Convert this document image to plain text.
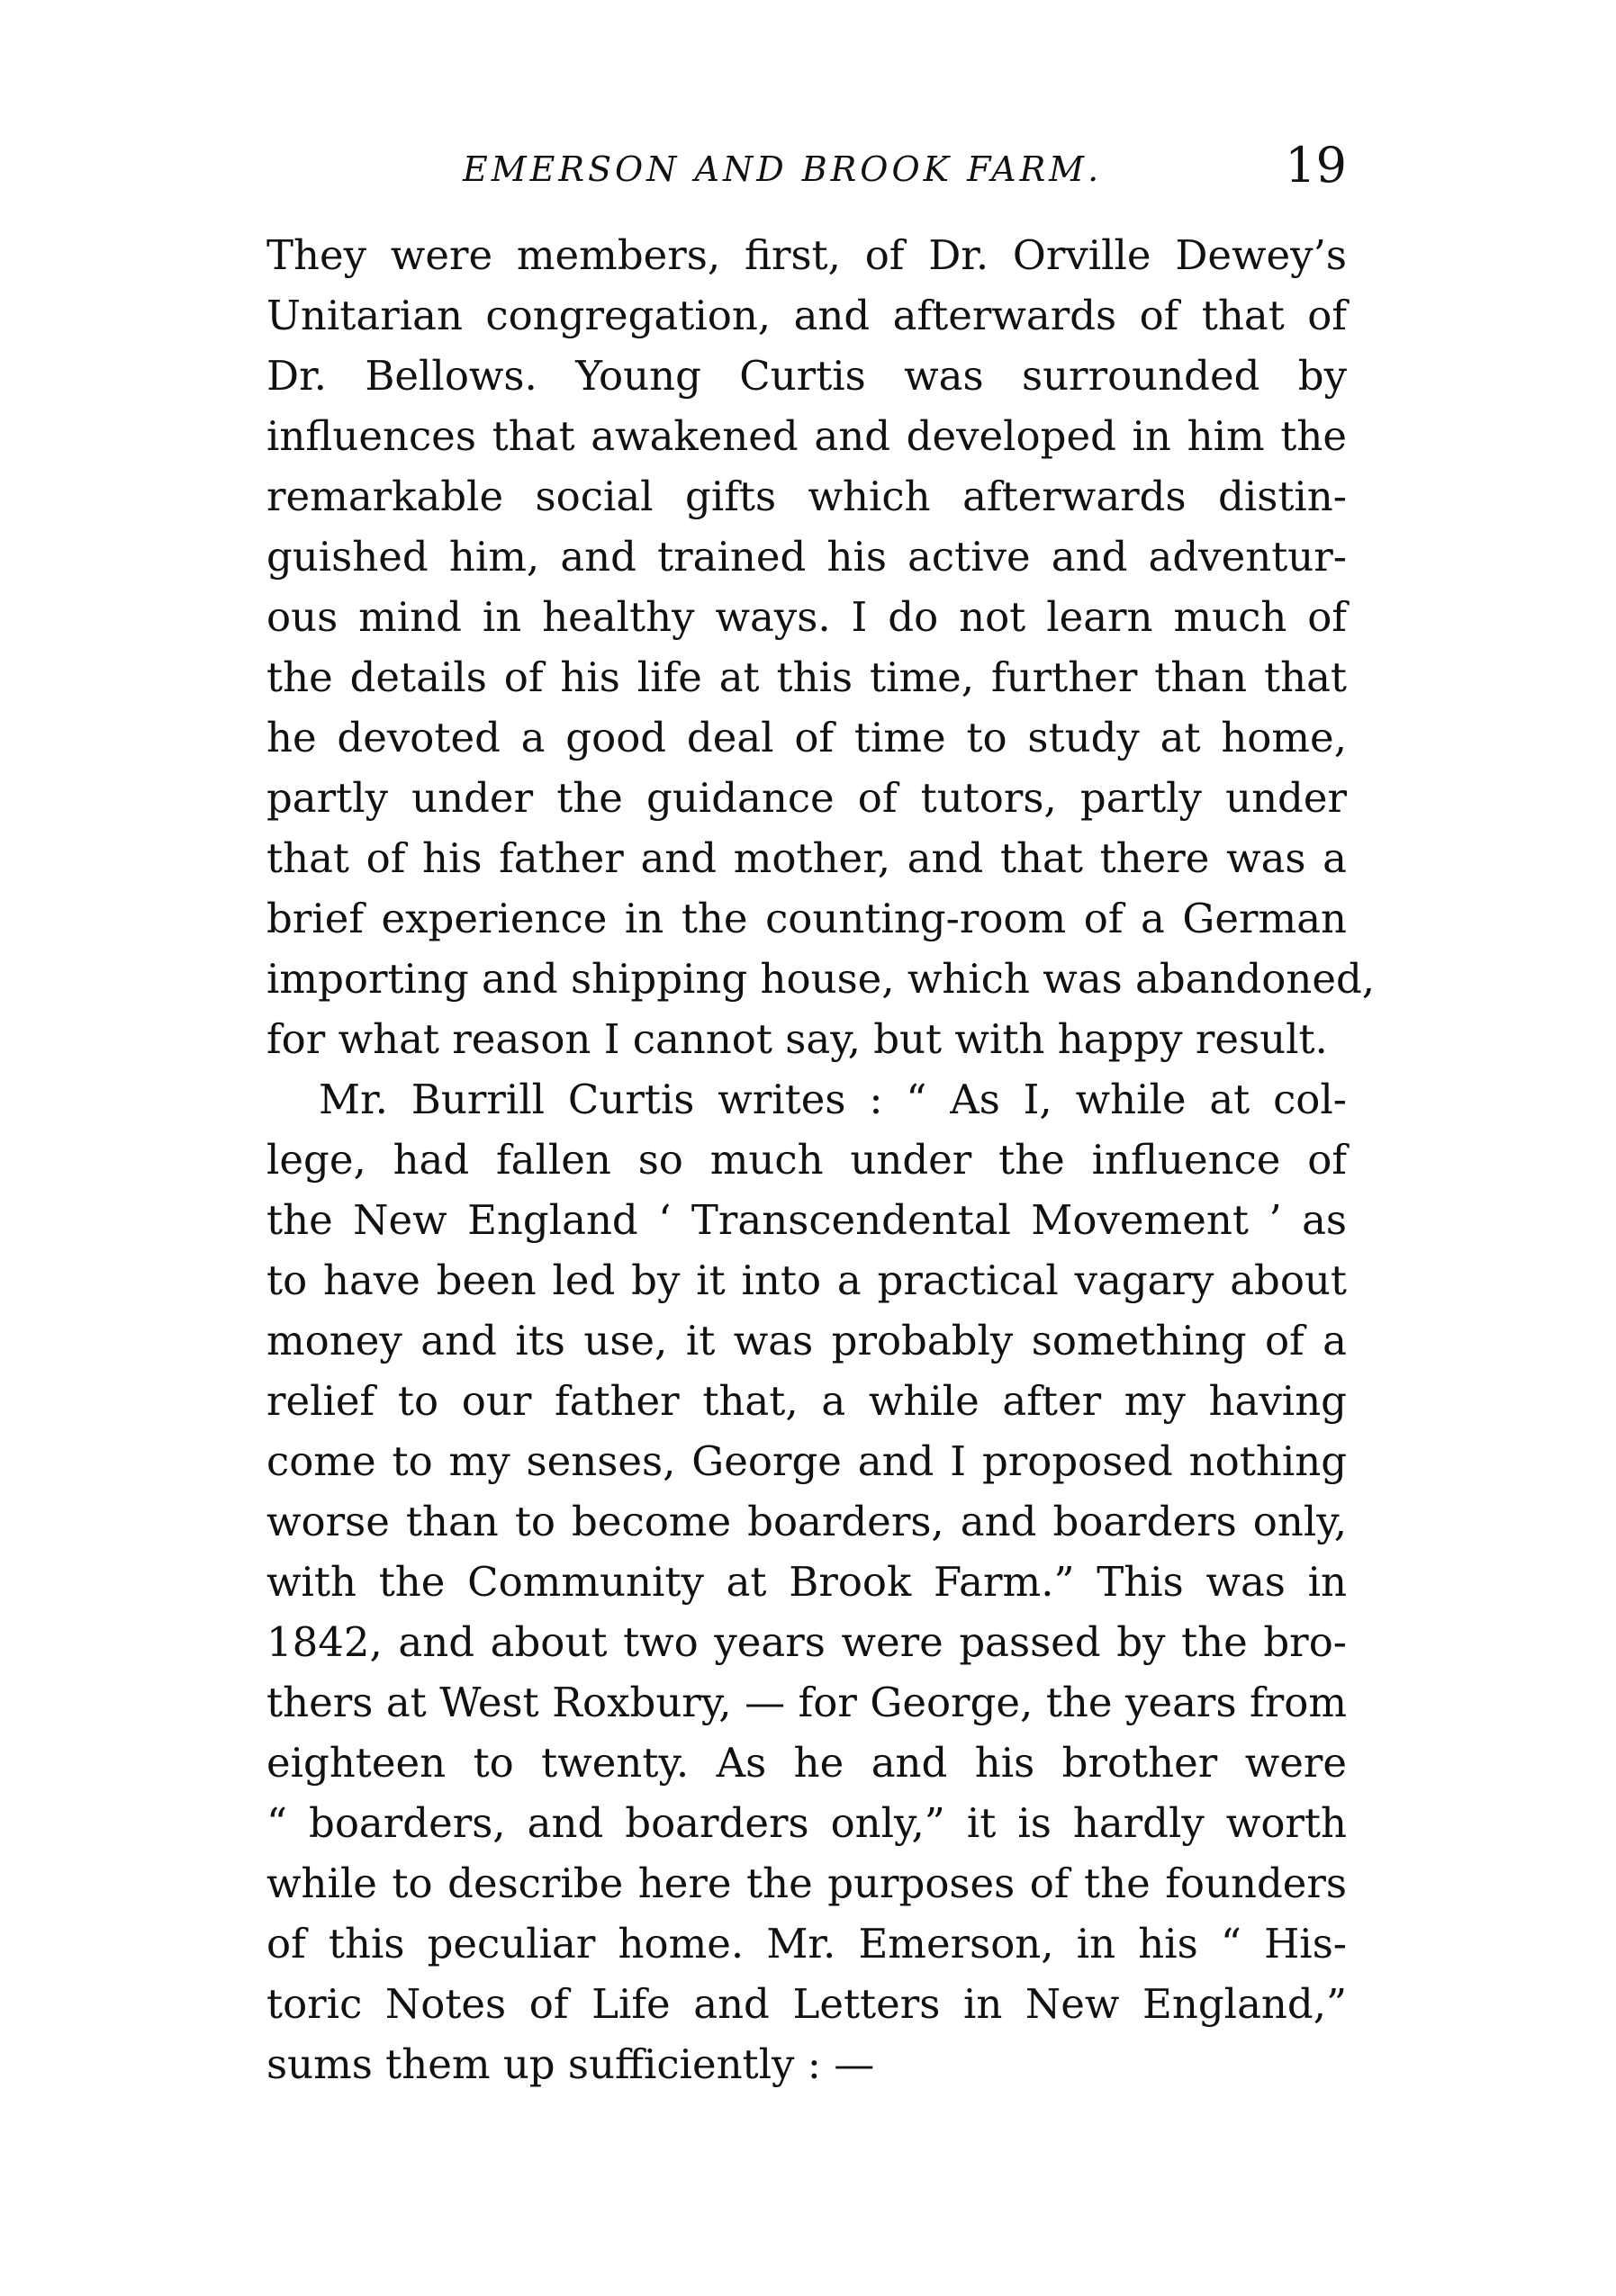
EMERSON AND BROOK FARM.	19
They were members, first, of Dr. Orville Dewey’s
Unitarian congregation, and afterwards of that of
Dr. Bellows. Young Curtis was surrounded by
influences that awakened and developed in him the
remarkable social gifts which afterwards distin-
guished him, and trained his active and adventur-
ous mind in healthy ways. I do not learn much of
the details of his life at this time, further than that
he devoted a good deal of time to study at home,
partly under the guidance of tutors, partly under
that of his father and mother, and that there was a
brief experience in the counting-room of a German
importing and shipping house, which was abandoned,
for what reason I cannot say, but with happy result.
Mr. Burrill Curtis writes : “ As I, while at col-
lege, had fallen so much under the influence of
the New England ‘ Transcendental Movement ’ as
to have been led by it into a practical vagary about
money and its use, it was probably something of a
relief to our father that, a while after my having
come to my senses, George and I proposed nothing
worse than to become boarders, and boarders only,
with the Community at Brook Farm.” This was in
1842, and about two years were passed by the bro-
thers at West Roxbury, — for George, the years from
eighteen to twenty. As he and his brother were
“ boarders, and boarders only,” it is hardly worth
while to describe here the purposes of the founders
of this peculiar home. Mr. Emerson, in his “ His-
toric Notes of Life and Letters in New England,”
sums them up sufficiently : —
